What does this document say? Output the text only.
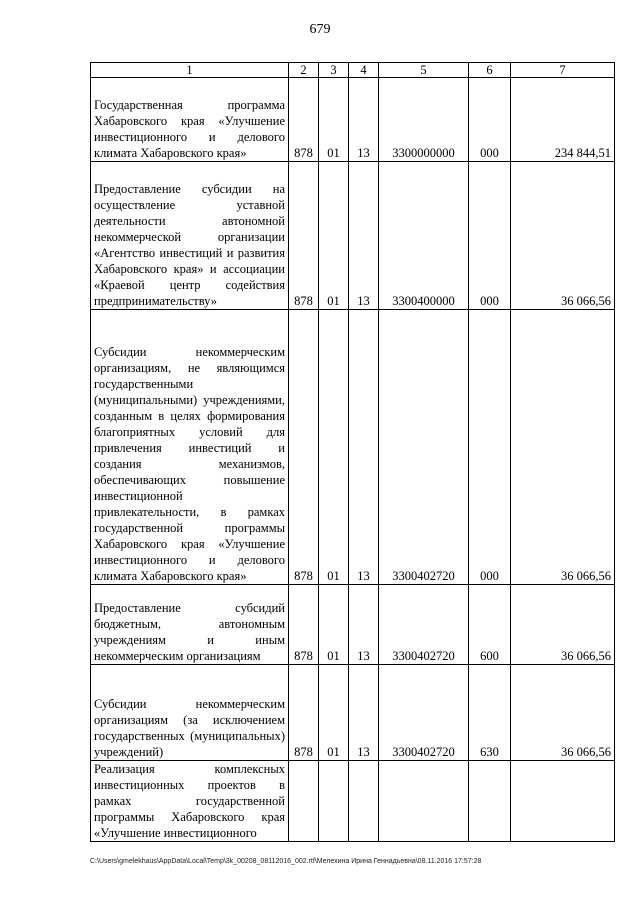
679
1	2	3	4	5	6	7
Государственная программа Хабаровского края «Улучшение инвестиционного и делового климата Хабаровского края»	878	01	13	3300000000	000	234 844,51
Предоставление субсидии на осуществление уставной деятельности автономной некоммерческой организации «Агентство инвестиций и развития Хабаровского края» и ассоциации «Краевой центр содействия предпринимательству»	878	01	13	3300400000	000	36 066,56
Субсидии некоммерческим организациям, не являющимся государственными (муниципальными) учреждениями, созданным в целях формирования благоприятных условий для привлечения инвестиций и создания механизмов, обеспечивающих повышение инвестиционной привлекательности, в рамках государственной программы Хабаровского края «Улучшение инвестиционного и делового климата Хабаровского края»	878	01	13	3300402720	000	36 066,56
Предоставление субсидий бюджетным, автономным учреждениям и иным некоммерческим организациям	878	01	13	3300402720	600	36 066,56
Субсидии некоммерческим организациям (за исключением государственных (муниципальных) учреждений)	878	01	13	3300402720	630	36 066,56
Реализация комплексных инвестиционных проектов в рамках государственной программы Хабаровского края «Улучшение инвестиционного						
C:\Users\gmelekhaus\AppData\Local\Temp\3k_00208_08112016_002.rtf\Мелехина Ирина Геннадьевна\08.11.2016 17:57:28
